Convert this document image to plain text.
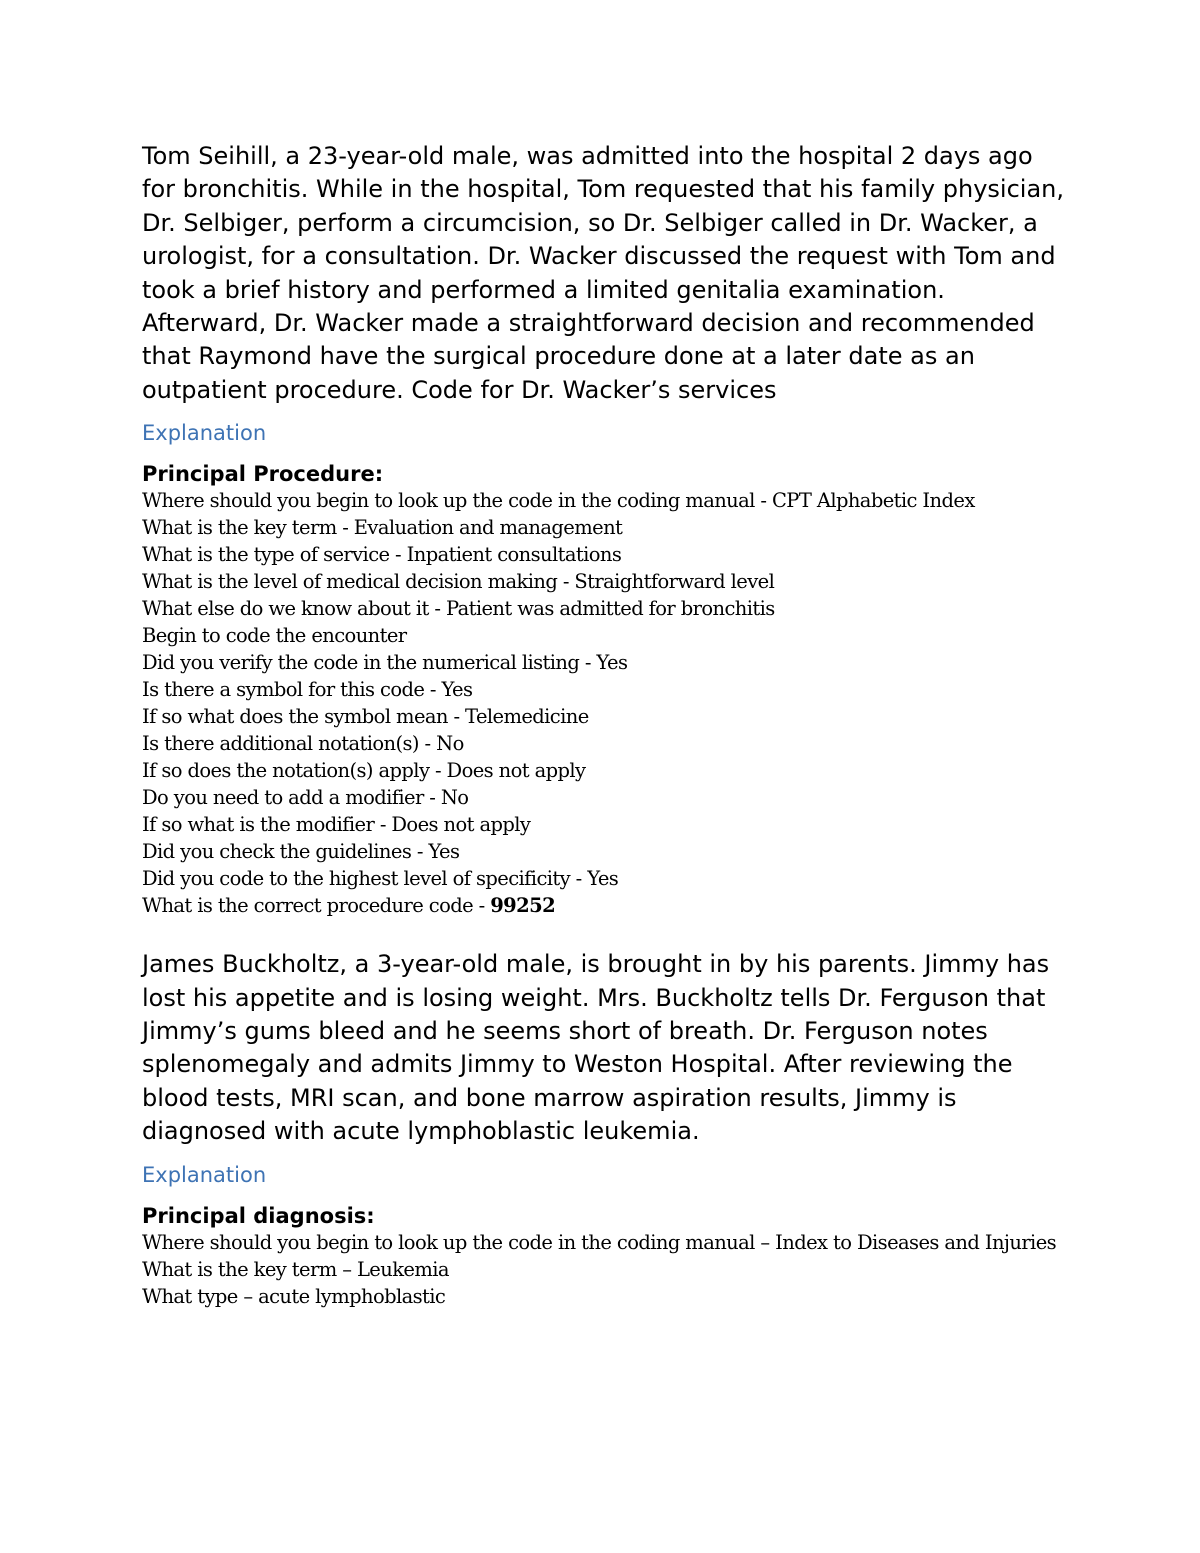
Tom Seihill, a 23-year-old male, was admitted into the hospital 2 days ago for bronchitis. While in the hospital, Tom requested that his family physician, Dr. Selbiger, perform a circumcision, so Dr. Selbiger called in Dr. Wacker, a urologist, for a consultation. Dr. Wacker discussed the request with Tom and took a brief history and performed a limited genitalia examination. Afterward, Dr. Wacker made a straightforward decision and recommended that Raymond have the surgical procedure done at a later date as an outpatient procedure. Code for Dr. Wacker’s services

Explanation

Principal Procedure:

Where should you begin to look up the code in the coding manual - CPT Alphabetic Index

What is the key term - Evaluation and management

What is the type of service - Inpatient consultations

What is the level of medical decision making - Straightforward level

What else do we know about it - Patient was admitted for bronchitis

Begin to code the encounter

Did you verify the code in the numerical listing - Yes

Is there a symbol for this code - Yes

If so what does the symbol mean - Telemedicine

Is there additional notation(s) - No

If so does the notation(s) apply - Does not apply

Do you need to add a modifier - No

If so what is the modifier - Does not apply

Did you check the guidelines - Yes

Did you code to the highest level of specificity - Yes

What is the correct procedure code - 99252

James Buckholtz, a 3-year-old male, is brought in by his parents. Jimmy has lost his appetite and is losing weight. Mrs. Buckholtz tells Dr. Ferguson that Jimmy’s gums bleed and he seems short of breath. Dr. Ferguson notes splenomegaly and admits Jimmy to Weston Hospital. After reviewing the blood tests, MRI scan, and bone marrow aspiration results, Jimmy is diagnosed with acute lymphoblastic leukemia.

Explanation

Principal diagnosis:

Where should you begin to look up the code in the coding manual – Index to Diseases and Injuries

What is the key term – Leukemia

What type – acute lymphoblastic
